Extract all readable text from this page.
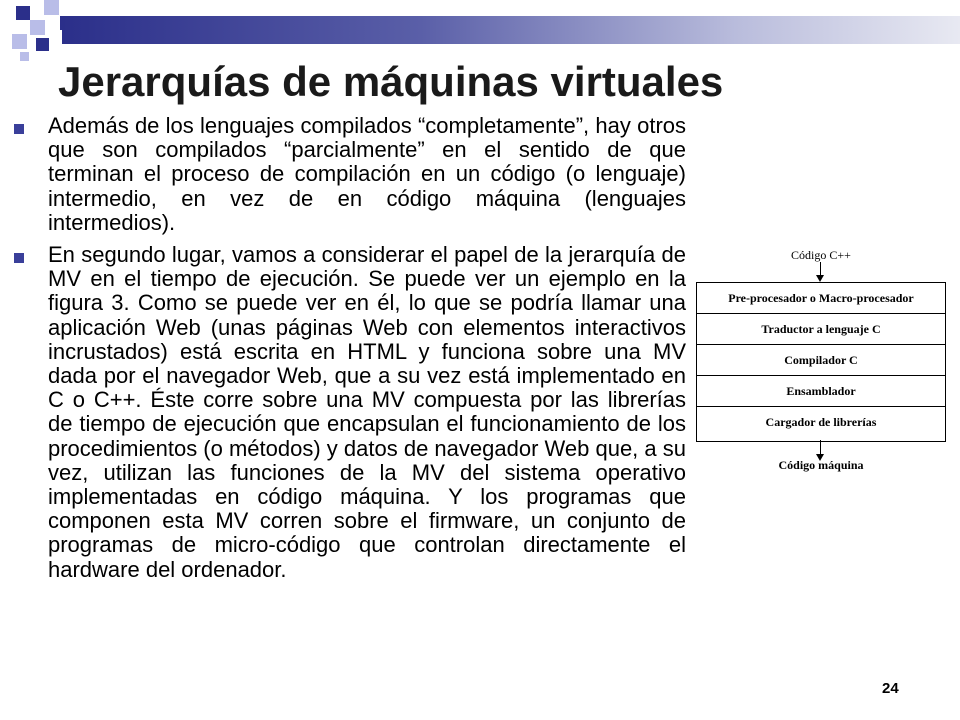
Jerarquías de máquinas virtuales
Además de los lenguajes compilados “completamente”, hay otros que son compilados “parcialmente” en el sentido de que terminan el proceso de compilación en un código (o lenguaje) intermedio, en vez de en código máquina (lenguajes intermedios).
En segundo lugar, vamos a considerar el papel de la jerarquía de MV en el tiempo de ejecución. Se puede ver un ejemplo en la figura 3. Como se puede ver en él, lo que se podría llamar una aplicación Web (unas páginas Web con elementos interactivos incrustados) está escrita en HTML y funciona sobre una MV dada por el navegador Web, que a su vez está implementado en C o C++. Éste corre sobre una MV compuesta por las librerías de tiempo de ejecución que encapsulan el funcionamiento de los procedimientos (o métodos) y datos de navegador Web que, a su vez, utilizan las funciones de la MV del sistema operativo implementadas en código máquina. Y los programas que componen esta MV corren sobre el firmware, un conjunto de programas de micro-código que controlan directamente el hardware del ordenador.
Código C++
Pre-procesador o Macro-procesador
Traductor a lenguaje C
Compilador C
Ensamblador
Cargador de librerías
Código máquina
24
